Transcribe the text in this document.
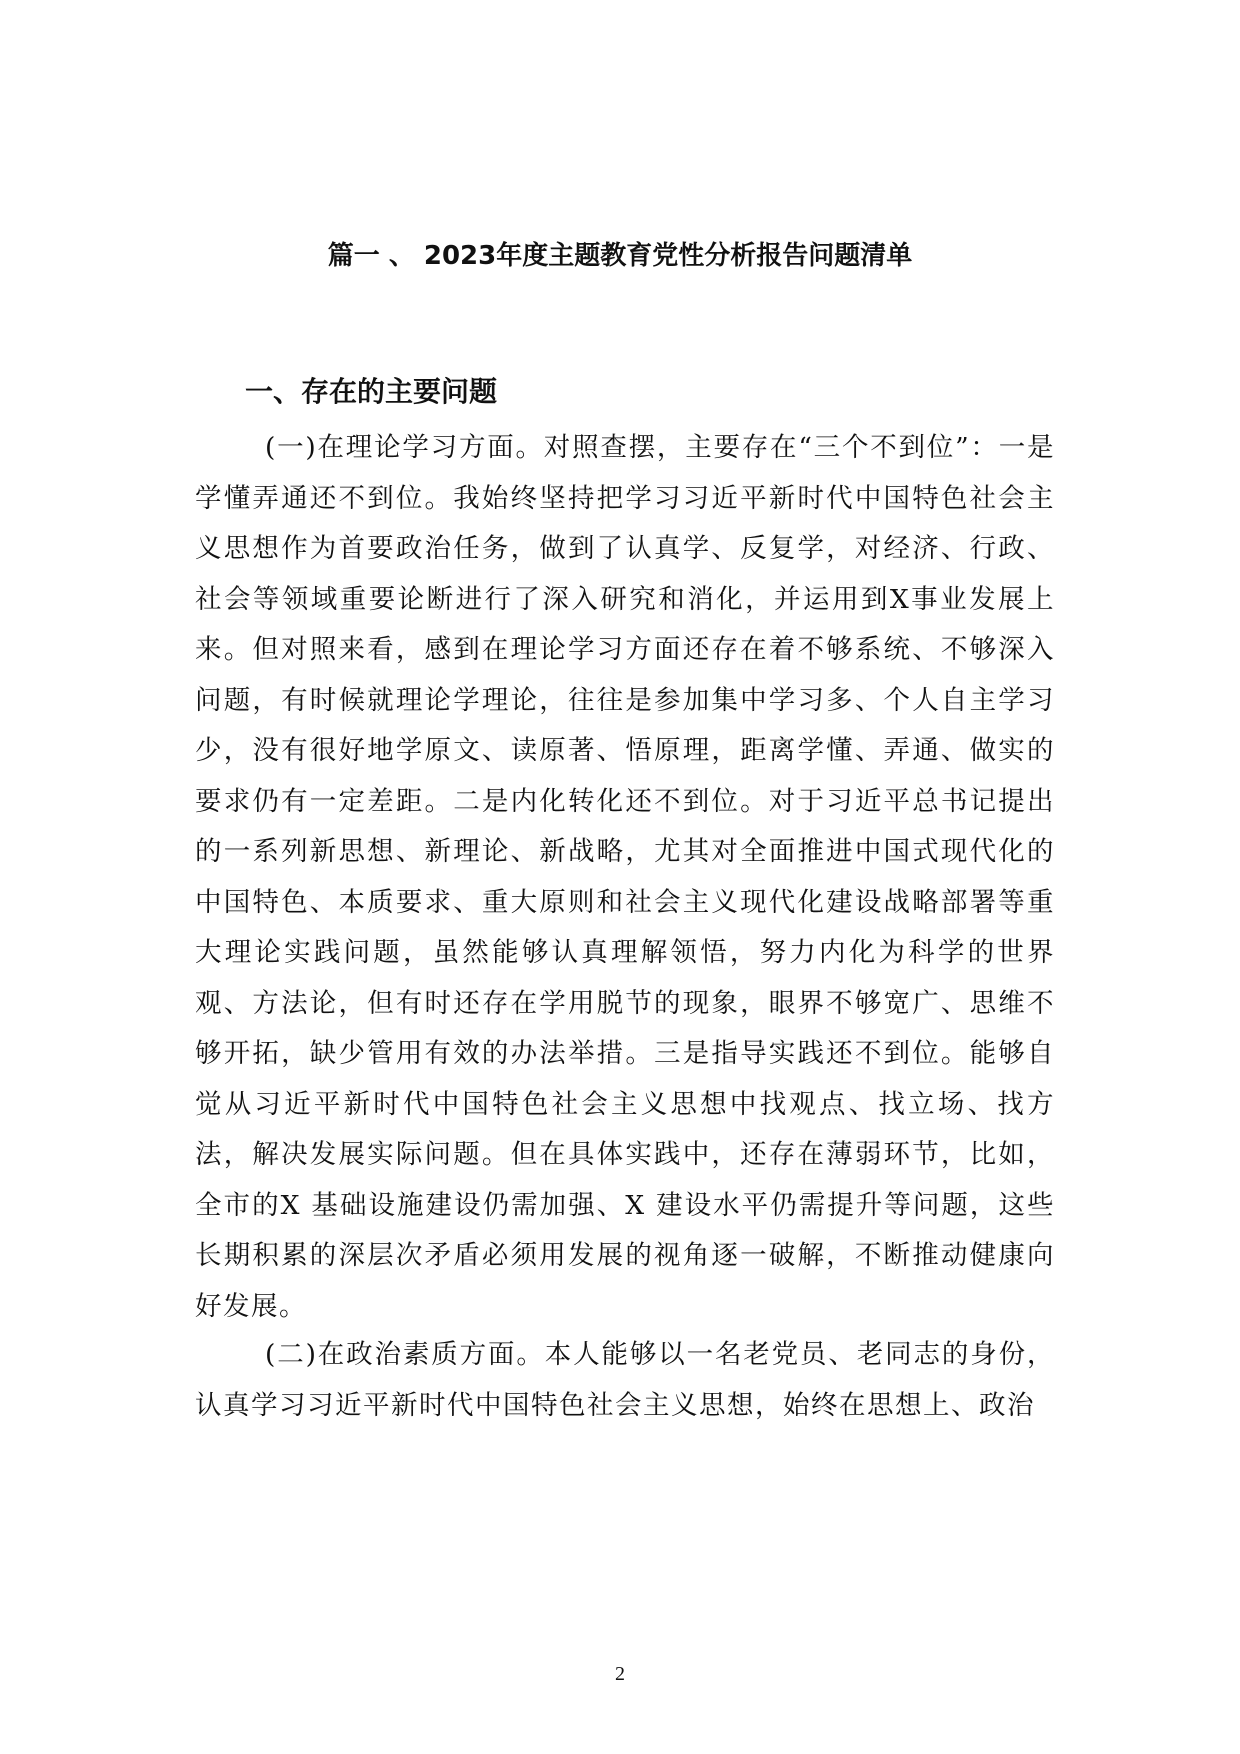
篇一 、 2023年度主题教育党性分析报告问题清单
一、存在的主要问题

(一)在理论学习方面。对照查摆，主要存在“三个不到位”：一是学懂弄通还不到位。我始终坚持把学习习近平新时代中国特色社会主义思想作为首要政治任务，做到了认真学、反复学，对经济、行政、社会等领域重要论断进行了深入研究和消化，并运用到X事业发展上来。但对照来看，感到在理论学习方面还存在着不够系统、不够深入问题，有时候就理论学理论，往往是参加集中学习多、个人自主学习少，没有很好地学原文、读原著、悟原理，距离学懂、弄通、做实的要求仍有一定差距。二是内化转化还不到位。对于习近平总书记提出的一系列新思想、新理论、新战略，尤其对全面推进中国式现代化的中国特色、本质要求、重大原则和社会主义现代化建设战略部署等重大理论实践问题，虽然能够认真理解领悟，努力内化为科学的世界观、方法论，但有时还存在学用脱节的现象，眼界不够宽广、思维不够开拓，缺少管用有效的办法举措。三是指导实践还不到位。能够自觉从习近平新时代中国特色社会主义思想中找观点、找立场、找方法，解决发展实际问题。但在具体实践中，还存在薄弱环节，比如，全市的X 基础设施建设仍需加强、X 建设水平仍需提升等问题，这些长期积累的深层次矛盾必须用发展的视角逐一破解，不断推动健康向好发展。

(二)在政治素质方面。本人能够以一名老党员、老同志的身份，认真学习习近平新时代中国特色社会主义思想，始终在思想上、政治

2
